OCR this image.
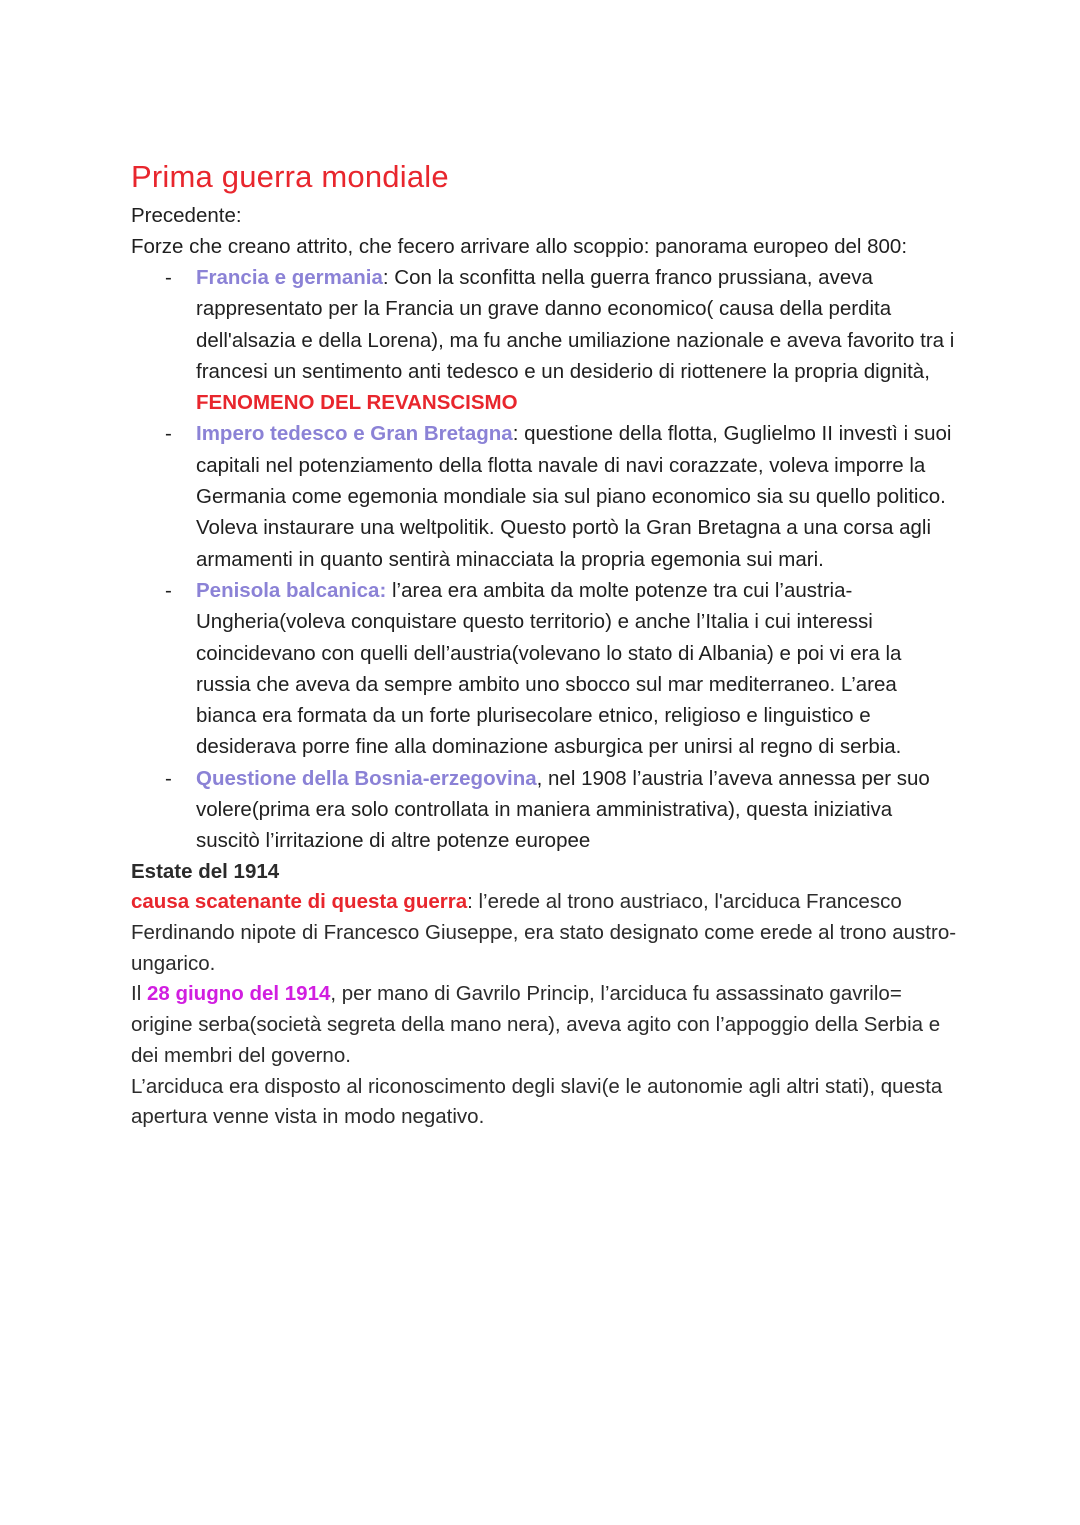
Prima guerra mondiale
Precedente:
Forze che creano attrito, che fecero arrivare allo scoppio: panorama europeo del 800:
- Francia e germania: Con la sconfitta nella guerra franco prussiana, aveva rappresentato per la Francia un grave danno economico( causa della perdita dell'alsazia e della Lorena), ma fu anche umiliazione nazionale e aveva favorito tra i francesi un sentimento anti tedesco e un desiderio di riottenere la propria dignità, FENOMENO DEL REVANSCISMO
- Impero tedesco e Gran Bretagna: questione della flotta, Guglielmo II investì i suoi capitali nel potenziamento della flotta navale di navi corazzate, voleva imporre la Germania come egemonia mondiale sia sul piano economico sia su quello politico. Voleva instaurare una weltpolitik. Questo portò la Gran Bretagna a una corsa agli armamenti in quanto sentirà minacciata la propria egemonia sui mari.
- Penisola balcanica: l’area era ambita da molte potenze tra cui l’austria-Ungheria(voleva conquistare questo territorio) e anche l’Italia i cui interessi coincidevano con quelli dell’austria(volevano lo stato di Albania) e poi vi era la russia che aveva da sempre ambito uno sbocco sul mar mediterraneo. L’area bianca era formata da un forte plurisecolare etnico, religioso e linguistico e desiderava porre fine alla dominazione asburgica per unirsi al regno di serbia.
- Questione della Bosnia-erzegovina, nel 1908 l’austria l’aveva annessa per suo volere(prima era solo controllata in maniera amministrativa), questa iniziativa suscitò l’irritazione di altre potenze europee
Estate del 1914
causa scatenante di questa guerra: l’erede al trono austriaco, l'arciduca Francesco Ferdinando nipote di Francesco Giuseppe, era stato designato come erede al trono austro- ungarico.
Il 28 giugno del 1914, per mano di Gavrilo Princip, l’arciduca fu assassinato gavrilo= origine serba(società segreta della mano nera), aveva agito con l’appoggio della Serbia e dei membri del governo.
L’arciduca era disposto al riconoscimento degli slavi(e le autonomie agli altri stati), questa apertura venne vista in modo negativo.
